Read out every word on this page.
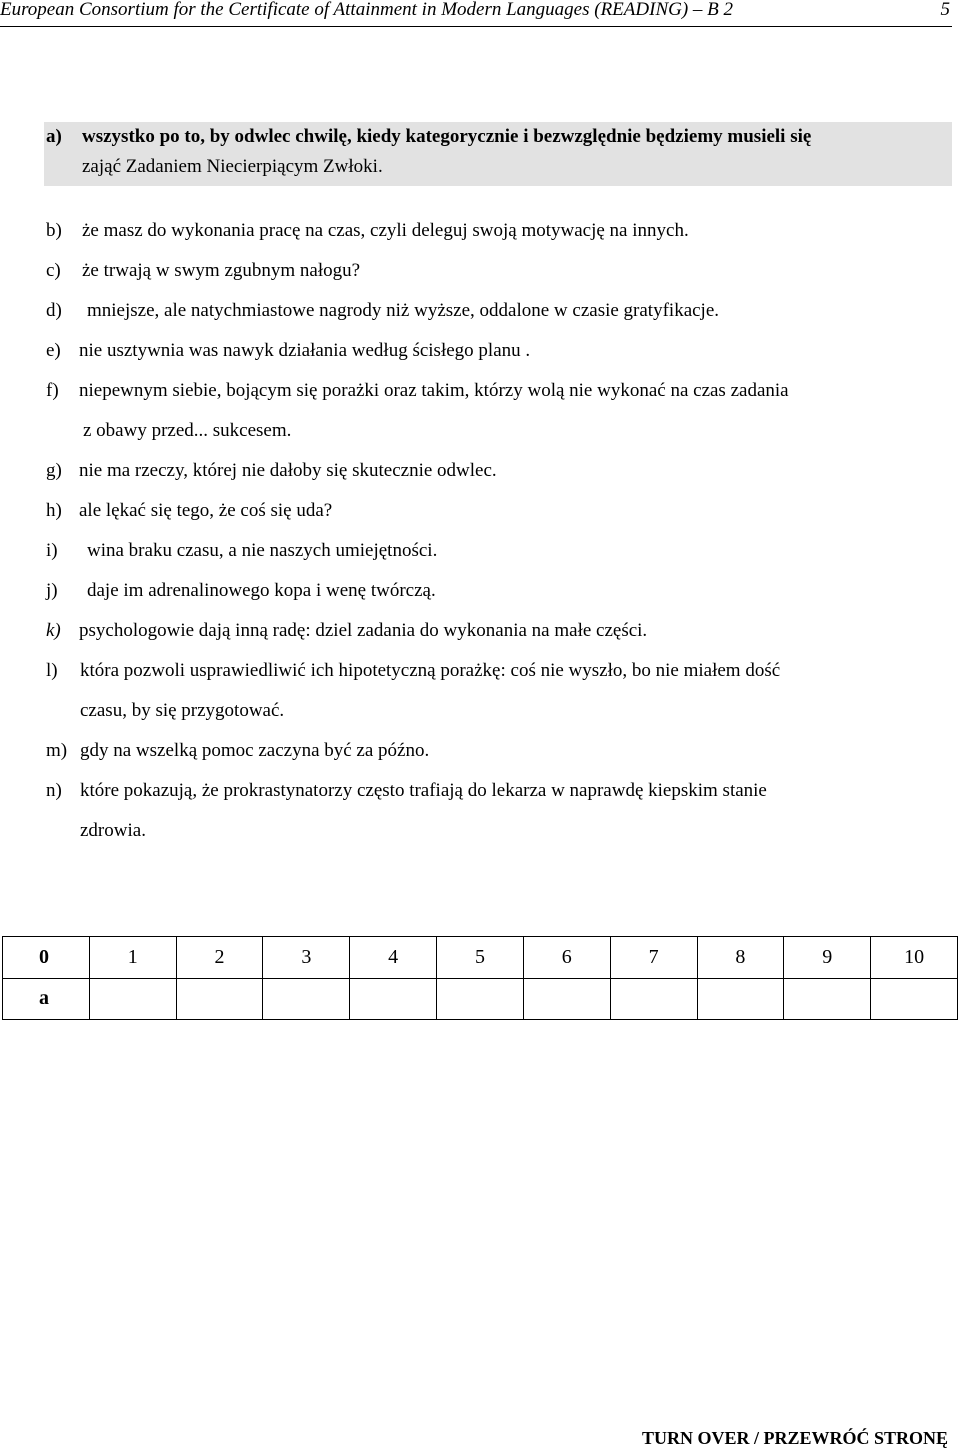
European Consortium for the Certificate of Attainment in Modern Languages (READING) – B 2	5
a) wszystko po to, by odwlec chwilę, kiedy kategorycznie i bezwzględnie będziemy musieli się
zająć Zadaniem Niecierpiącym Zwłoki.
b) że masz do wykonania pracę na czas, czyli deleguj swoją motywację na innych.
c) że trwają w swym zgubnym nałogu?
d) mniejsze, ale natychmiastowe nagrody niż wyższe, oddalone w czasie gratyfikacje.
e) nie usztywnia was nawyk działania według ścisłego planu .
f) niepewnym siebie, bojącym się porażki oraz takim, którzy wolą nie wykonać na czas zadania
z obawy przed... sukcesem.
g) nie ma rzeczy, której nie dałoby się skutecznie odwlec.
h) ale lękać się tego, że coś się uda?
i) wina braku czasu, a nie naszych umiejętności.
j) daje im adrenalinowego kopa i wenę twórczą.
k) psychologowie dają inną radę: dziel zadania do wykonania na małe części.
l) która pozwoli usprawiedliwić ich hipotetyczną porażkę: coś nie wyszło, bo nie miałem dość
czasu, by się przygotować.
m) gdy na wszelką pomoc zaczyna być za późno.
n) które pokazują, że prokrastynatorzy często trafiają do lekarza w naprawdę kiepskim stanie
zdrowia.
0	1	2	3	4	5	6	7	8	9	10
a										
TURN OVER / PRZEWRÓĆ STRONĘ
